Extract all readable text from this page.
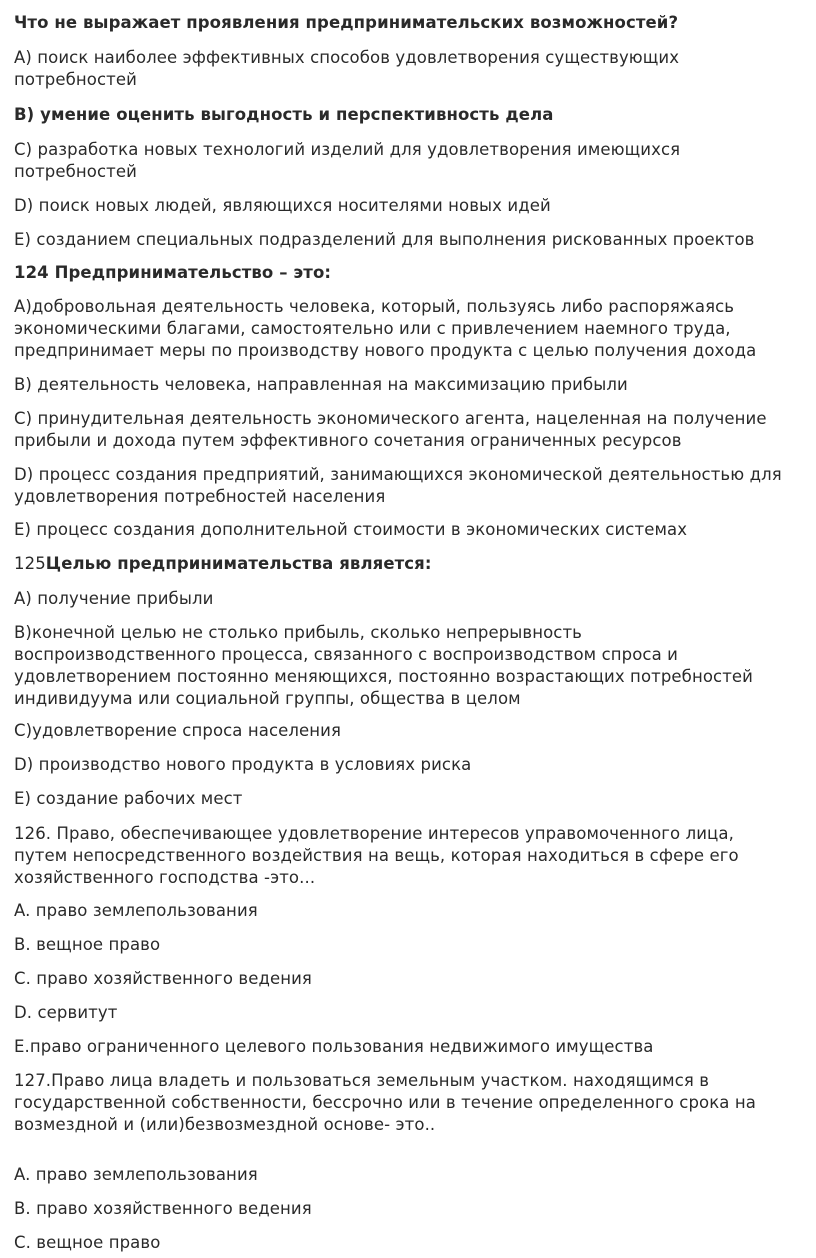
Что не выражает проявления предпринимательских возможностей?

A) поиск наиболее эффективных способов удовлетворения существующих

потребностей

B) умение оценить выгодность и перспективность дела

C) разработка новых технологий изделий для удовлетворения имеющихся

потребностей

D) поиск новых людей, являющихся носителями новых идей

E) созданием специальных подразделений для выполнения рискованных проектов

124 Предпринимательство – это:

А)добровольная деятельность человека, который, пользуясь либо распоряжаясь

экономическими благами, самостоятельно или с привлечением наемного труда,

предпринимает меры по производству нового продукта с целью получения дохода

B) деятельность человека, направленная на максимизацию прибыли

C) принудительная деятельность экономического агента, нацеленная на получение

прибыли и дохода путем эффективного сочетания ограниченных ресурсов

D) процесс создания предприятий, занимающихся экономической деятельностью для

удовлетворения потребностей населения

E) процесс создания дополнительной стоимости в экономических системах

125Целью предпринимательства является:

А) получение прибыли

В)конечной целью не столько прибыль, сколько непрерывность

воспроизводственного процесса, связанного с воспроизводством спроса и

удовлетворением постоянно меняющихся, постоянно возрастающих потребностей

индивидуума или социальной группы, общества в целом

С)удовлетворение спроса населения

D) производство нового продукта в условиях риска

Е) создание рабочих мест

126. Право, обеспечивающее удовлетворение интересов управомоченного лица,

путем непосредственного воздействия на вещь, которая находиться в сфере его

хозяйственного господства -это...

A. право землепользования

B. вещное право

C. право хозяйственного ведения

D. сервитут

E.право ограниченного целевого пользования недвижимого имущества

127.Право лица владеть и пользоваться земельным участком. находящимся в

государственной собственности, бессрочно или в течение определенного срока на

возмездной и (или)безвозмездной основе- это..

A. право землепользования

B. право хозяйственного ведения

C. вещное право
